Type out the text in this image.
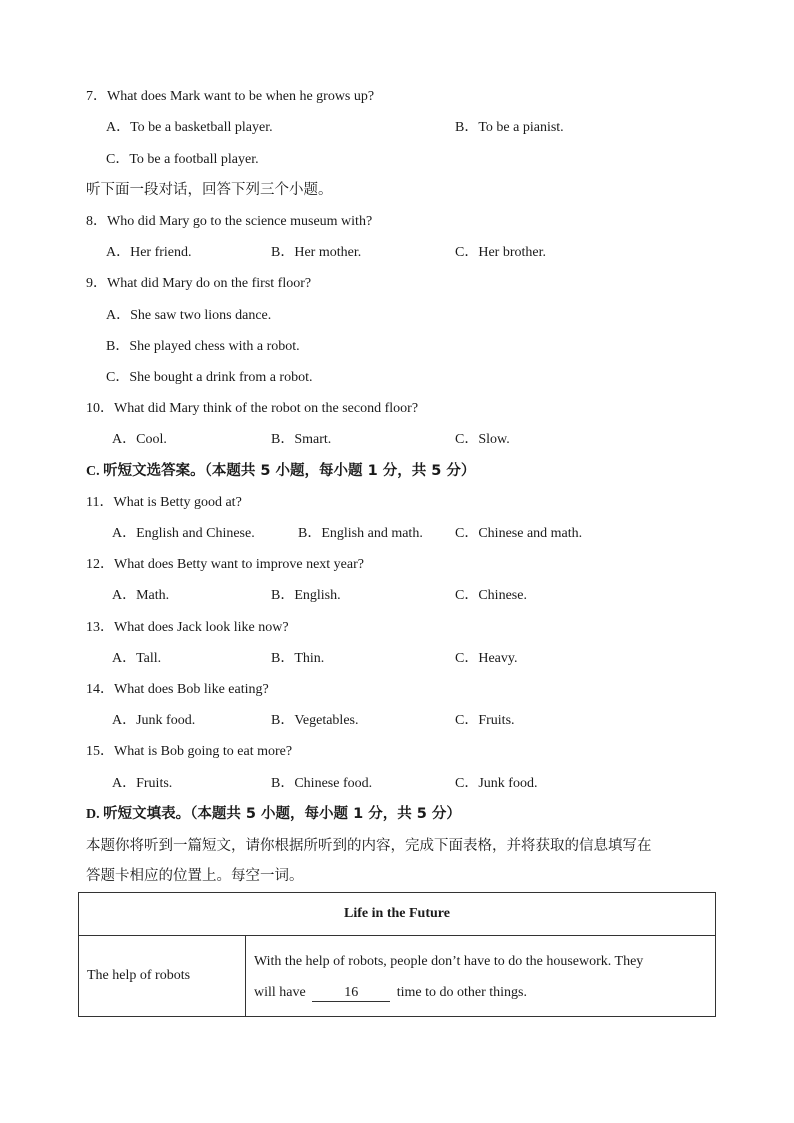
7．What does Mark want to be when he grows up?
A．To be a basketball player.	B．To be a pianist.
C．To be a football player.
听下面一段对话，回答下列三个小题。
8．Who did Mary go to the science museum with?
A．Her friend.	B．Her mother.	C．Her brother.
9．What did Mary do on the first floor?
A．She saw two lions dance.
B．She played chess with a robot.
C．She bought a drink from a robot.
10．What did Mary think of the robot on the second floor?
A．Cool.	B．Smart.	C．Slow.
C. 听短文选答案。（本题共 5 小题，每小题 1 分，共 5 分）
11．What is Betty good at?
A．English and Chinese.	B．English and math. C．Chinese and math.
12．What does Betty want to improve next year?
A．Math.	B．English.	C．Chinese.
13．What does Jack look like now?
A．Tall.	B．Thin.	C．Heavy.
14．What does Bob like eating?
A．Junk food.	B．Vegetables.	C．Fruits.
15．What is Bob going to eat more?
A．Fruits.	B．Chinese food.	C．Junk food.
D. 听短文填表。（本题共 5 小题，每小题 1 分，共 5 分）
本题你将听到一篇短文，请你根据所听到的内容，完成下面表格，并将获取的信息填写在
答题卡相应的位置上。每空一词。
Life in the Future
The help of robots	
With the help of robots, people don’t have to do the housework. They
will have	16	time to do other things.
